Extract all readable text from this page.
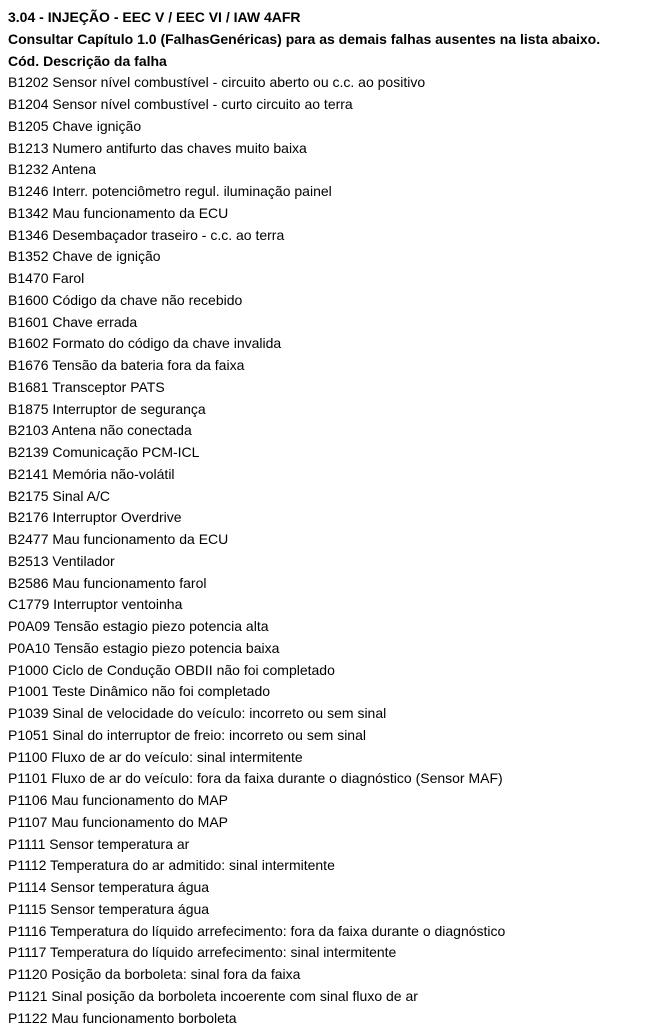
3.04 - INJEÇÃO - EEC V / EEC VI / IAW 4AFR
Consultar Capítulo 1.0 (FalhasGenéricas) para as demais falhas ausentes na lista abaixo.
Cód. Descrição da falha
B1202 Sensor nível combustível - circuito aberto ou c.c. ao positivo
B1204 Sensor nível combustível - curto circuito ao terra
B1205 Chave ignição
B1213 Numero antifurto das chaves muito baixa
B1232 Antena
B1246 Interr. potenciômetro regul. iluminação painel
B1342 Mau funcionamento da ECU
B1346 Desembaçador traseiro - c.c. ao terra
B1352 Chave de ignição
B1470 Farol
B1600 Código da chave não recebido
B1601 Chave errada
B1602 Formato do código da chave invalida
B1676 Tensão da bateria fora da faixa
B1681 Transceptor PATS
B1875 Interruptor de segurança
B2103 Antena não conectada
B2139 Comunicação PCM-ICL
B2141 Memória não-volátil
B2175 Sinal A/C
B2176 Interruptor Overdrive
B2477 Mau funcionamento da ECU
B2513 Ventilador
B2586 Mau funcionamento farol
C1779 Interruptor ventoinha
P0A09 Tensão estagio piezo potencia alta
P0A10 Tensão estagio piezo potencia baixa
P1000 Ciclo de Condução OBDII não foi completado
P1001 Teste Dinâmico não foi completado
P1039 Sinal de velocidade do veículo: incorreto ou sem sinal
P1051 Sinal do interruptor de freio: incorreto ou sem sinal
P1100 Fluxo de ar do veículo: sinal intermitente
P1101 Fluxo de ar do veículo: fora da faixa durante o diagnóstico (Sensor MAF)
P1106 Mau funcionamento do MAP
P1107 Mau funcionamento do MAP
P1111 Sensor temperatura ar
P1112 Temperatura do ar admitido: sinal intermitente
P1114 Sensor temperatura água
P1115 Sensor temperatura água
P1116 Temperatura do líquido arrefecimento: fora da faixa durante o diagnóstico
P1117 Temperatura do líquido arrefecimento: sinal intermitente
P1120 Posição da borboleta: sinal fora da faixa
P1121 Sinal posição da borboleta incoerente com sinal fluxo de ar
P1122 Mau funcionamento borboleta
